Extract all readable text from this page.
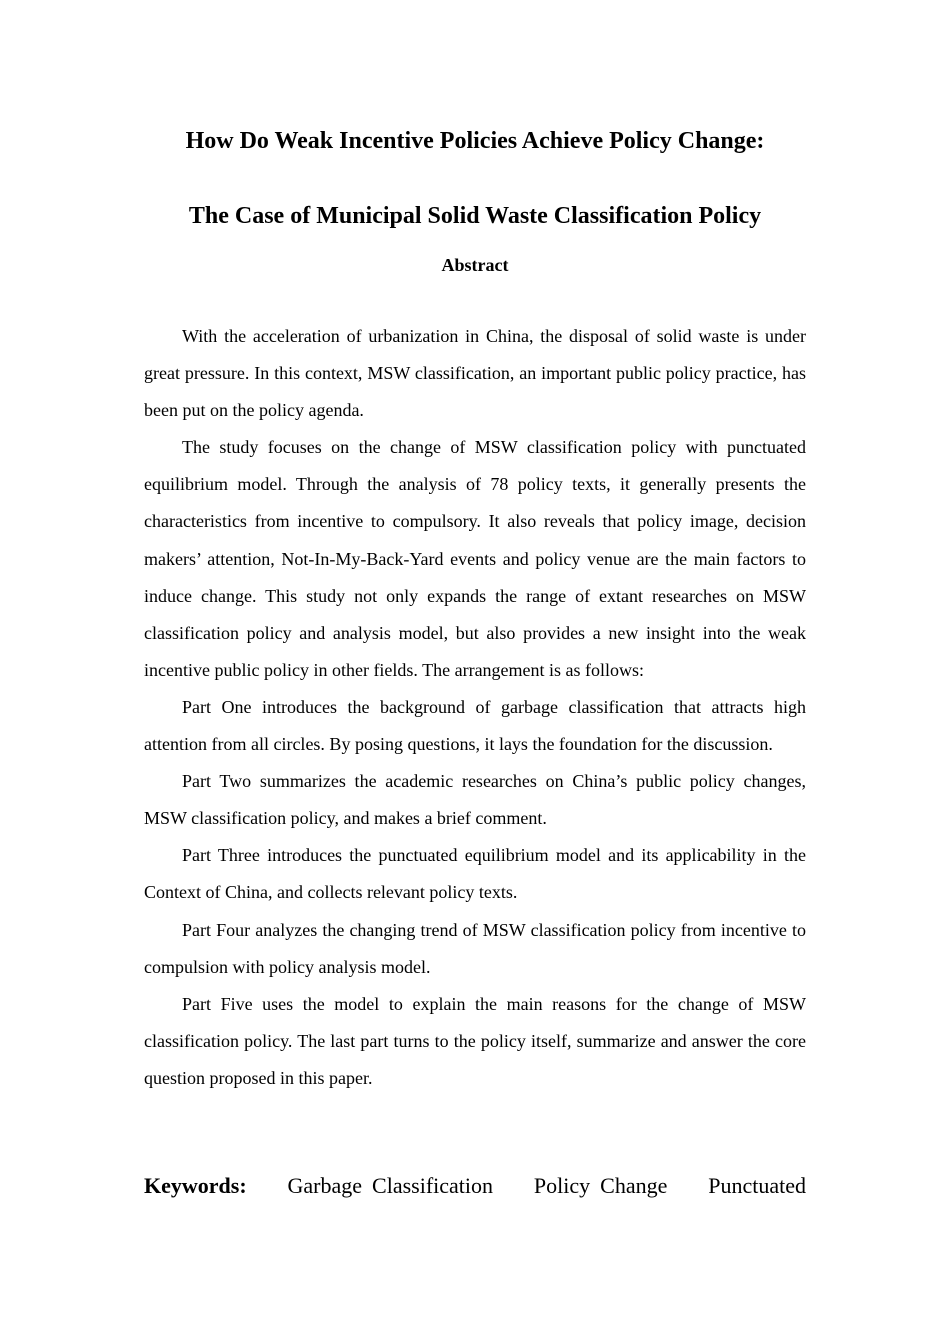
How Do Weak Incentive Policies Achieve Policy Change:
The Case of Municipal Solid Waste Classification Policy
Abstract

With the acceleration of urbanization in China, the disposal of solid waste is under great pressure. In this context, MSW classification, an important public policy practice, has been put on the policy agenda.

The study focuses on the change of MSW classification policy with punctuated equilibrium model. Through the analysis of 78 policy texts, it generally presents the characteristics from incentive to compulsory. It also reveals that policy image, decision makers’ attention, Not-In-My-Back-Yard events and policy venue are the main factors to induce change. This study not only expands the range of extant researches on MSW classification policy and analysis model, but also provides a new insight into the weak incentive public policy in other fields. The arrangement is as follows:

Part One introduces the background of garbage classification that attracts high attention from all circles. By posing questions, it lays the foundation for the discussion.

Part Two summarizes the academic researches on China’s public policy changes, MSW classification policy, and makes a brief comment.

Part Three introduces the punctuated equilibrium model and its applicability in the Context of China, and collects relevant policy texts.

Part Four analyzes the changing trend of MSW classification policy from incentive to compulsion with policy analysis model.

Part Five uses the model to explain the main reasons for the change of MSW classification policy. The last part turns to the policy itself, summarize and answer the core question proposed in this paper.

Keywords: Garbage Classification Policy Change Punctuated
